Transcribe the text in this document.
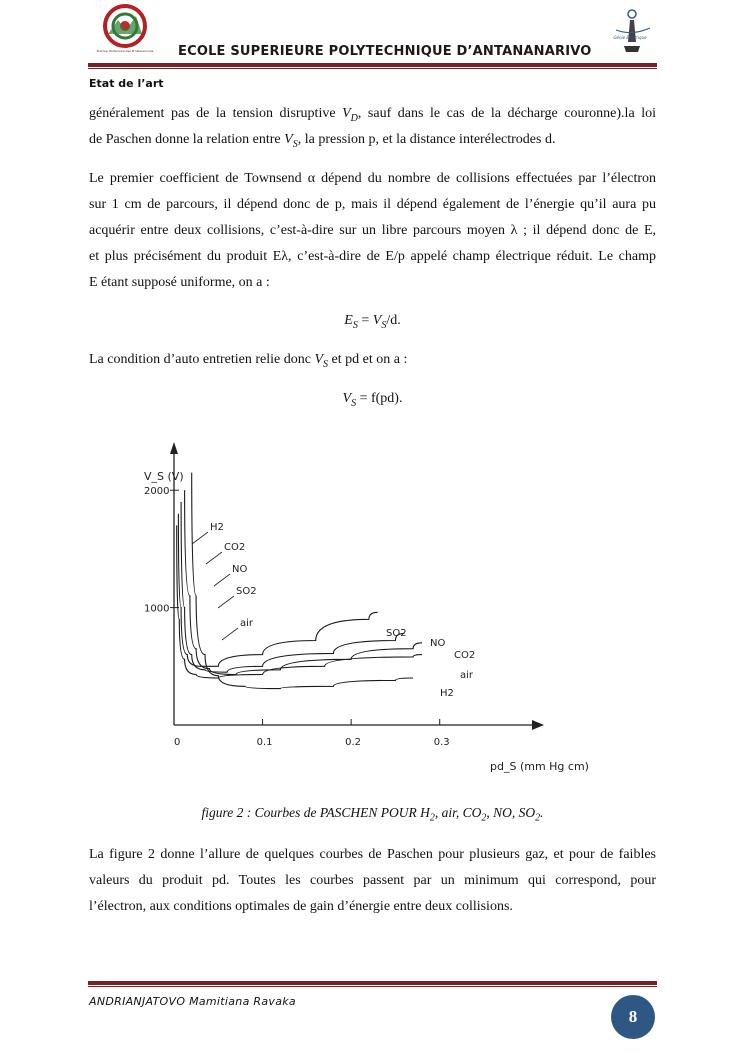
Premier Partenaire des Professionnels
Génie Electrique
ECOLE SUPERIEURE POLYTECHNIQUE D’ANTANANARIVO
Etat de l’art
généralement pas de la tension disruptive $V_D$, sauf dans le cas de la décharge couronne).la loi
de Paschen donne la relation entre $V_S$, la pression p, et la distance interélectrodes d.
Le premier coefficient de Townsend α dépend du nombre de collisions effectuées par l’électron
sur 1 cm de parcours, il dépend donc de p, mais il dépend également de l’énergie qu’il aura pu
acquérir entre deux collisions, c’est-à-dire sur un libre parcours moyen λ ; il dépend donc de E,
et plus précisément du produit Eλ, c’est-à-dire de E/p appelé champ électrique réduit. Le champ
E étant supposé uniforme, on a :
$E_S = V_S/d$.
La condition d’auto entretien relie donc $V_S$ et pd et on a :
$V_S = f(pd)$.
0	0.1	0.2	0.3
1000
2000
V_S (V)
pd_S (mm Hg cm)
H2
CO2
NO
SO2
air
SO2
NO
CO2
air
H2
figure 2 : Courbes de PASCHEN POUR $H_2$, air, $CO_2$, NO, $SO_2$.
La figure 2 donne l’allure de quelques courbes de Paschen pour plusieurs gaz, et pour de faibles
valeurs du produit pd. Toutes les courbes passent par un minimum qui correspond, pour
l’électron, aux conditions optimales de gain d’énergie entre deux collisions.
ANDRIANJATOVO Mamitiana Ravaka
8
